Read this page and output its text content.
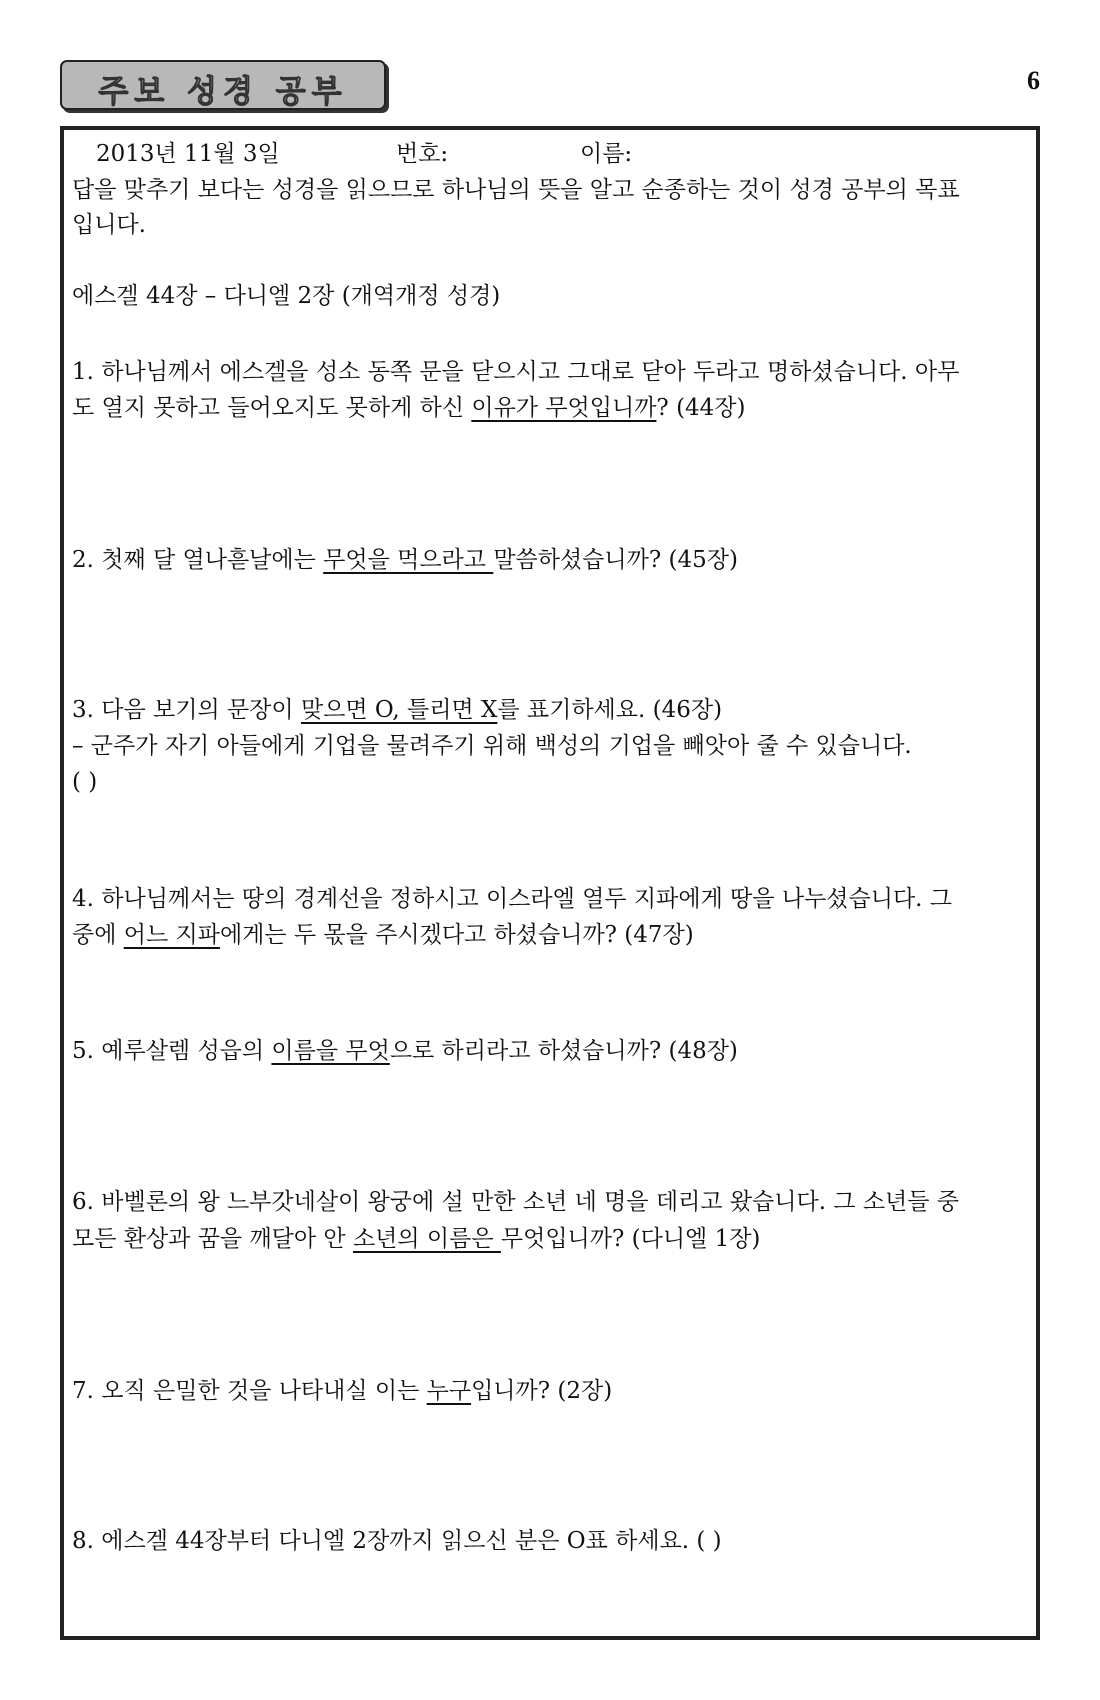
주보 성경 공부	6
2013년 11월 3일	번호:	이름:
답을 맞추기 보다는 성경을 읽으므로 하나님의 뜻을 알고 순종하는 것이 성경 공부의 목표
입니다.
에스겔 44장 – 다니엘 2장 (개역개정 성경)
1. 하나님께서 에스겔을 성소 동쪽 문을 닫으시고 그대로 닫아 두라고 명하셨습니다. 아무
도 열지 못하고 들어오지도 못하게 하신 이유가 무엇입니까? (44장)
2. 첫째 달 열나흗날에는 무엇을 먹으라고 말씀하셨습니까? (45장)
3. 다음 보기의 문장이 맞으면 O, 틀리면 X를 표기하세요. (46장)
– 군주가 자기 아들에게 기업을 물려주기 위해 백성의 기업을 빼앗아 줄 수 있습니다.
( )
4. 하나님께서는 땅의 경계선을 정하시고 이스라엘 열두 지파에게 땅을 나누셨습니다. 그
중에 어느 지파에게는 두 몫을 주시겠다고 하셨습니까? (47장)
5. 예루살렘 성읍의 이름을 무엇으로 하리라고 하셨습니까? (48장)
6. 바벨론의 왕 느부갓네살이 왕궁에 설 만한 소년 네 명을 데리고 왔습니다. 그 소년들 중
모든 환상과 꿈을 깨달아 안 소년의 이름은 무엇입니까? (다니엘 1장)
7. 오직 은밀한 것을 나타내실 이는 누구입니까? (2장)
8. 에스겔 44장부터 다니엘 2장까지 읽으신 분은 O표 하세요. ( )
